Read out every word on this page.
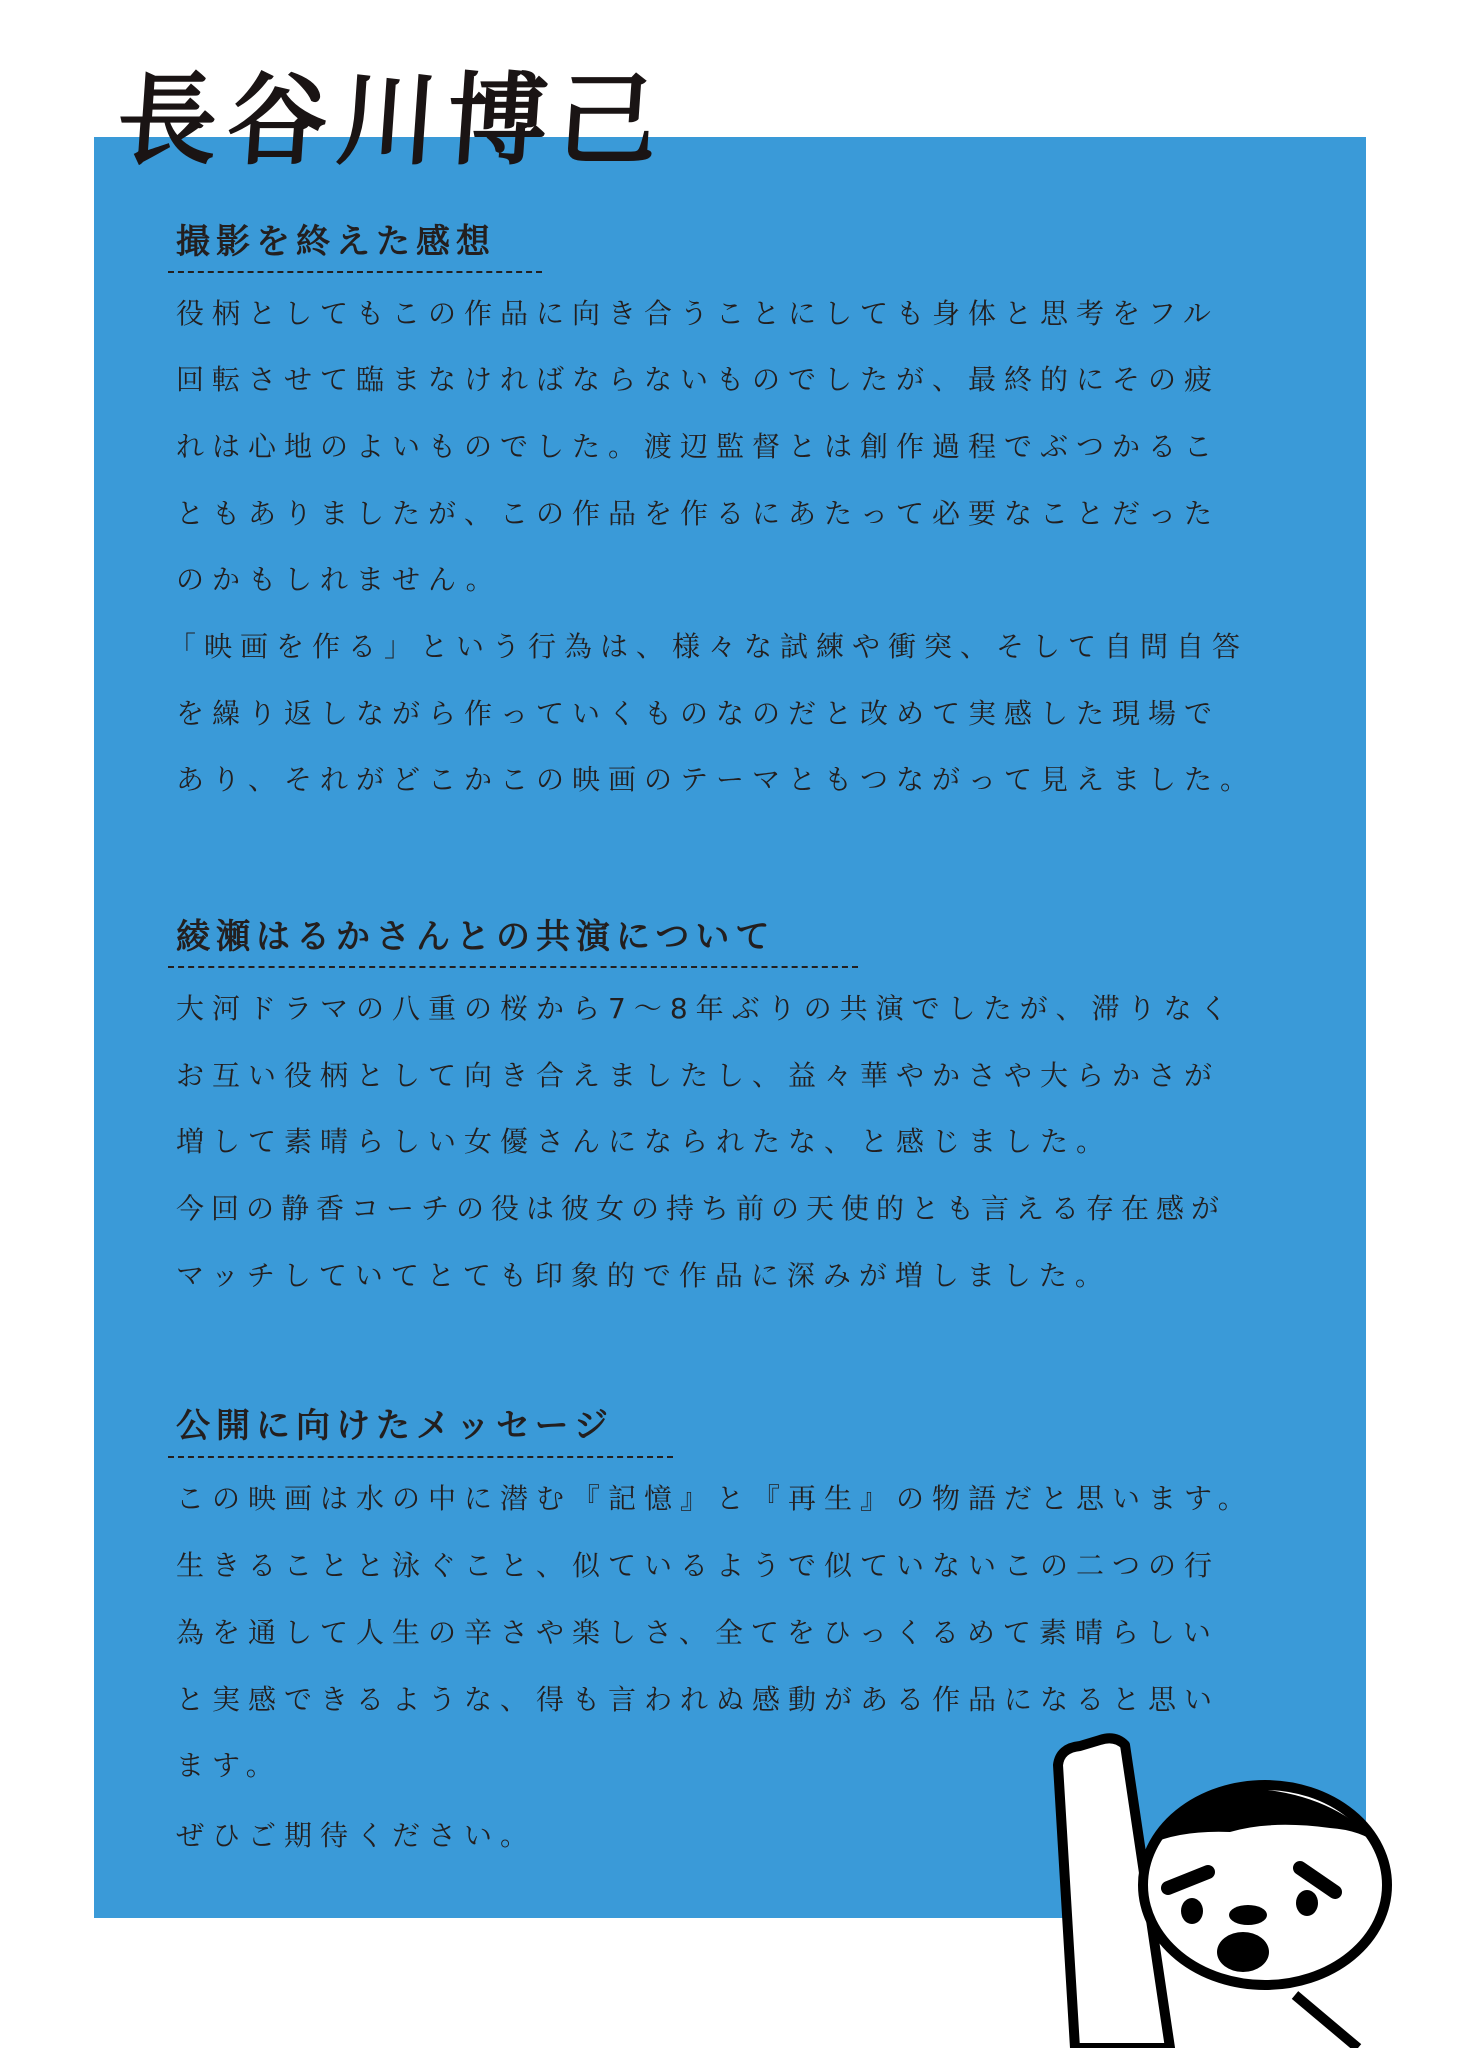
長谷川博己
撮影を終えた感想
役柄としてもこの作品に向き合うことにしても身体と思考をフル
回転させて臨まなければならないものでしたが、最終的にその疲
れは心地のよいものでした。渡辺監督とは創作過程でぶつかるこ
ともありましたが、この作品を作るにあたって必要なことだった
のかもしれません。
「映画を作る」という行為は、様々な試練や衝突、そして自問自答
を繰り返しながら作っていくものなのだと改めて実感した現場で
あり、それがどこかこの映画のテーマともつながって見えました。
綾瀬はるかさんとの共演について
大河ドラマの八重の桜から7～8年ぶりの共演でしたが、滞りなく
お互い役柄として向き合えましたし、益々華やかさや大らかさが
増して素晴らしい女優さんになられたな、と感じました。
今回の静香コーチの役は彼女の持ち前の天使的とも言える存在感が
マッチしていてとても印象的で作品に深みが増しました。
公開に向けたメッセージ
この映画は水の中に潜む『記憶』と『再生』の物語だと思います。
生きることと泳ぐこと、似ているようで似ていないこの二つの行
為を通して人生の辛さや楽しさ、全てをひっくるめて素晴らしい
と実感できるような、得も言われぬ感動がある作品になると思い
ます。
ぜひご期待ください。
